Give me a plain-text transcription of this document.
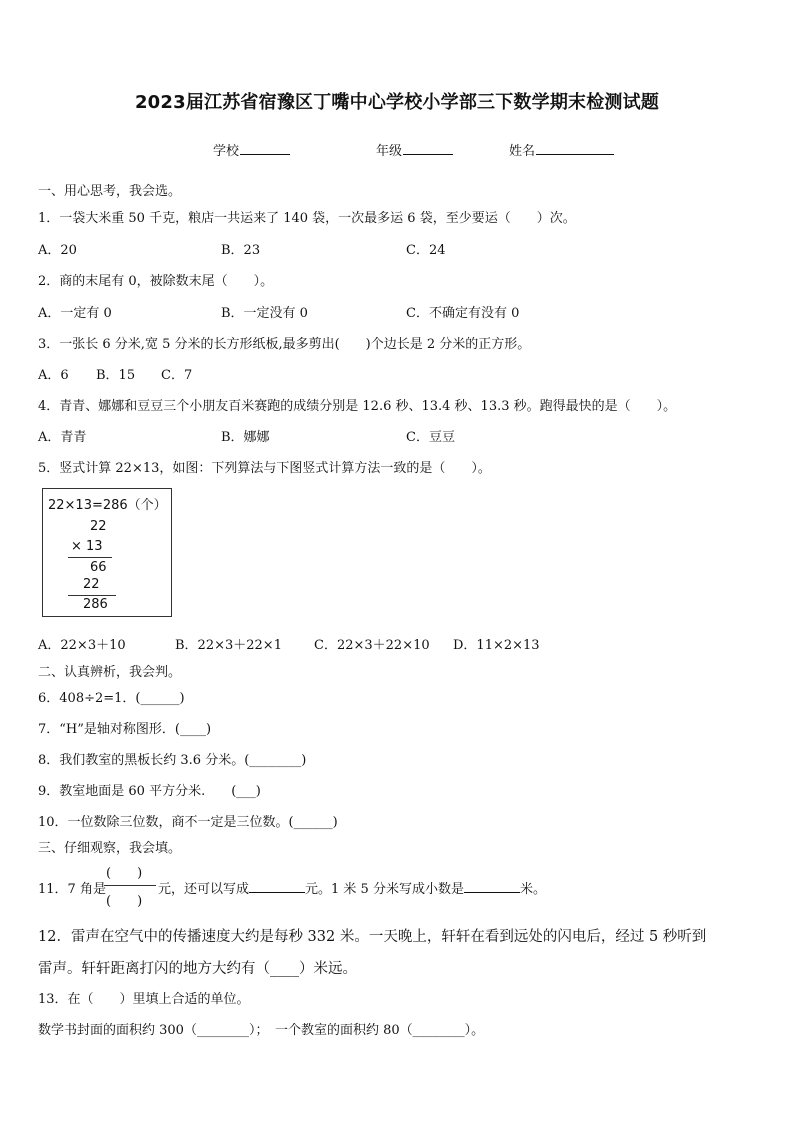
2023届江苏省宿豫区丁嘴中心学校小学部三下数学期末检测试题
学校	年级	姓名
一、用心思考，我会选。
1．一袋大米重 50 千克，粮店一共运来了 140 袋，一次最多运 6 袋，至少要运（　　）次。
A．20	B．23	C．24
2．商的末尾有 0，被除数末尾（　　）。
A．一定有 0	B．一定没有 0	C．不确定有没有 0
3．一张长 6 分米,宽 5 分米的长方形纸板,最多剪出(　　)个边长是 2 分米的正方形。
A．6 B．15 C．7
4．青青、娜娜和豆豆三个小朋友百米赛跑的成绩分别是 12.6 秒、13.4 秒、13.3 秒。跑得最快的是（　　）。
A．青青	B．娜娜	C．豆豆
5．竖式计算 22×13，如图：下列算法与下图竖式计算方法一致的是（　　）。
22×13=286（个）
22
× 13
66
22
286
A．22×3＋10	B．22×3＋22×1 C．22×3＋22×10 D．11×2×13
二、认真辨析，我会判。
6．408÷2=1．(______)
7．“H”是轴对称图形．(____)
8．我们教室的黑板长约 3.6 分米。(________)
9．教室地面是 60 平方分米.　　(___)
10．一位数除三位数，商不一定是三位数。(______)
三、仔细观察，我会填。
11．7 角是
(　　)
(　　)
元，还可以写成	元。1 米 5 分米写成小数是	米。
12．雷声在空气中的传播速度大约是每秒 332 米。一天晚上，轩轩在看到远处的闪电后，经过 5 秒听到
雷声。轩轩距离打闪的地方大约有（____）米远。
13．在（　　）里填上合适的单位。
数学书封面的面积约 300（________）；　一个教室的面积约 80（________）。
